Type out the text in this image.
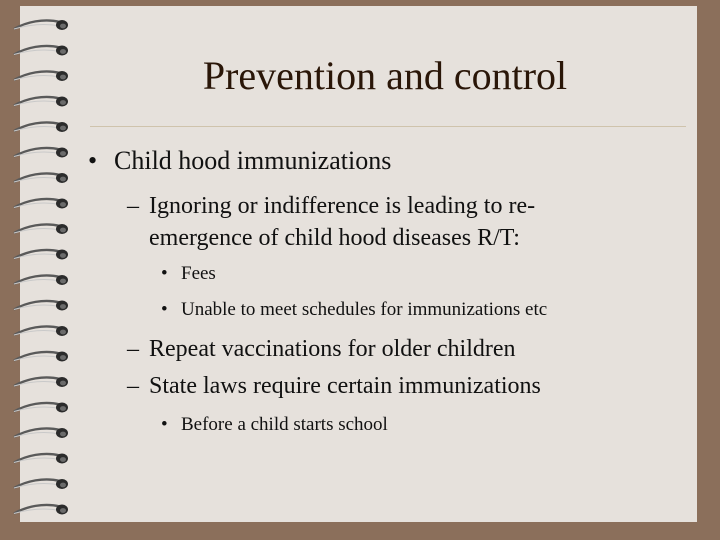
Prevention and control
• Child hood immunizations
– Ignoring or indifference is leading to re-
emergence of child hood diseases R/T:
• Fees
• Unable to meet schedules for immunizations etc
– Repeat vaccinations for older children
– State laws require certain immunizations
• Before a child starts school
